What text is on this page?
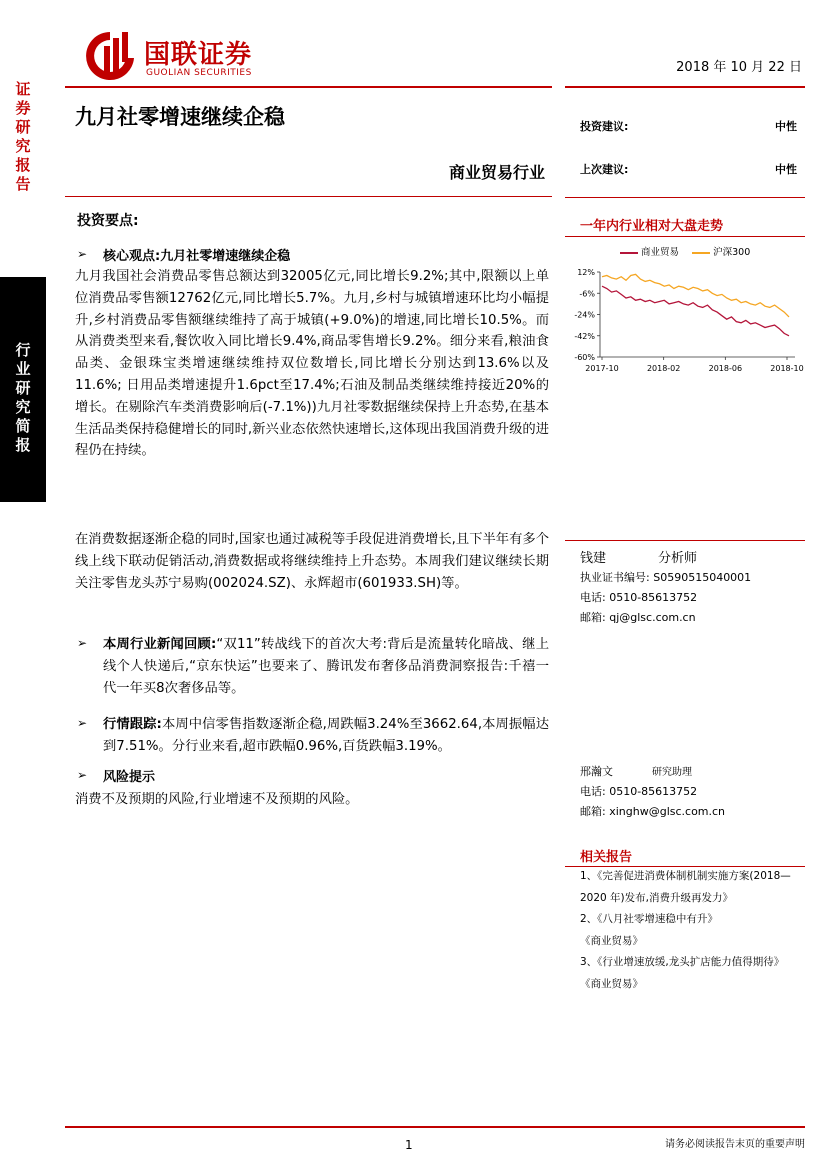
证
券
研
究
报
告
行
业
研
究
简
报
国联证券
GUOLIAN SECURITIES	2018 年 10 月 22 日
九月社零增速继续企稳
商业贸易行业
投资建议:	中性
上次建议:	中性
投资要点:
➢ 核心观点:九月社零增速继续企稳
九月我国社会消费品零售总额达到32005亿元,同比增长9.2%;其中,限额以上单位消费品零售额12762亿元,同比增长5.7%。九月,乡村与城镇增速环比均小幅提升,乡村消费品零售额继续维持了高于城镇(+9.0%)的增速,同比增长10.5%。而从消费类型来看,餐饮收入同比增长9.4%,商品零售增长9.2%。细分来看,粮油食品类、金银珠宝类增速继续维持双位数增长,同比增长分别达到13.6%以及11.6%; 日用品类增速提升1.6pct至17.4%;石油及制品类继续维持接近20%的增长。在剔除汽车类消费影响后(-7.1%))九月社零数据继续保持上升态势,在基本生活品类保持稳健增长的同时,新兴业态依然快速增长,这体现出我国消费升级的进程仍在持续。
在消费数据逐渐企稳的同时,国家也通过减税等手段促进消费增长,且下半年有多个线上线下联动促销活动,消费数据或将继续维持上升态势。本周我们建议继续长期关注零售龙头苏宁易购(002024.SZ)、永辉超市(601933.SH)等。
➢ 本周行业新闻回顾:“双11”转战线下的首次大考:背后是流量转化暗战、继上线个人快递后,“京东快运”也要来了、腾讯发布奢侈品消费洞察报告:千禧一代一年买8次奢侈品等。
➢ 行情跟踪:本周中信零售指数逐渐企稳,周跌幅3.24%至3662.64,本周振幅达到7.51%。分行业来看,超市跌幅0.96%,百货跌幅3.19%。
➢ 风险提示
消费不及预期的风险,行业增速不及预期的风险。
一年内行业相对大盘走势
商业贸易	沪深300
12%
-6%
-24%
-42%
-60%
2017-10	2018-02	2018-06	2018-10
钱建	分析师
执业证书编号: S0590515040001
电话: 0510-85613752
邮箱: qj@glsc.com.cn
邢瀚文	研究助理
电话: 0510-85613752
邮箱: xinghw@glsc.com.cn
相关报告
1、《完善促进消费体制机制实施方案(2018—
2020 年)发布,消费升级再发力》
2、《八月社零增速稳中有升》
《商业贸易》
3、《行业增速放缓,龙头扩店能力值得期待》
《商业贸易》
1	请务必阅读报告末页的重要声明
